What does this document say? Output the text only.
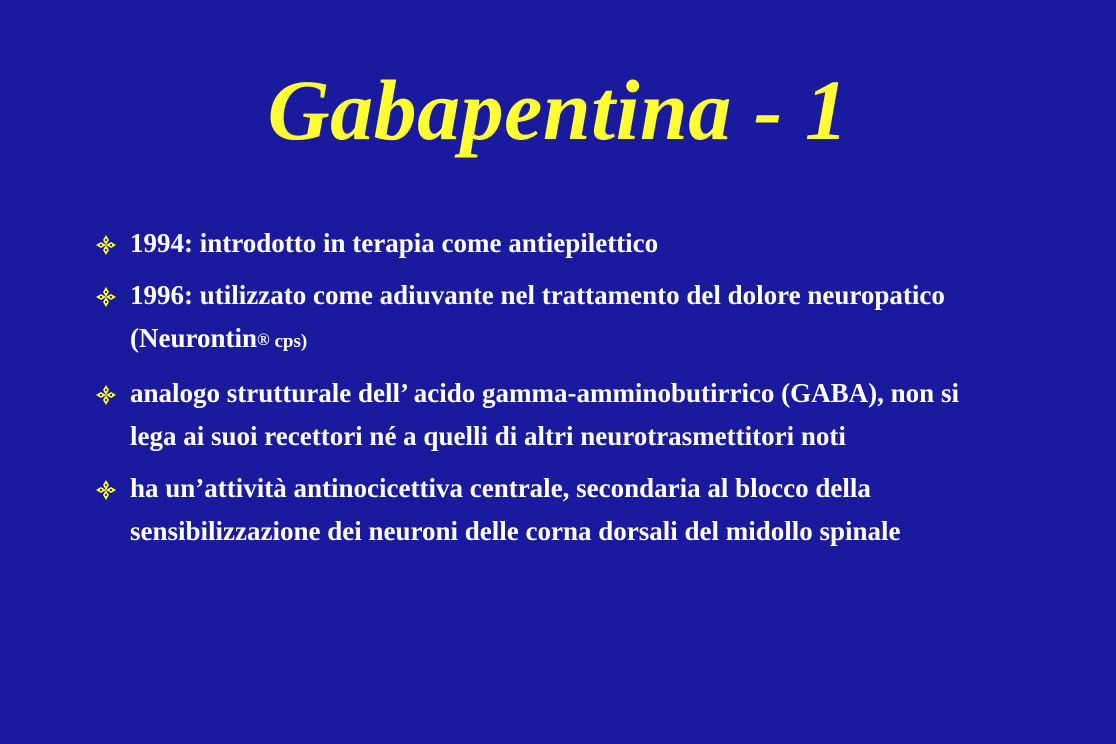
Gabapentina - 1
1994: introdotto in terapia come antiepilettico
1996: utilizzato come adiuvante nel trattamento del dolore neuropatico (Neurontin® cps)
analogo strutturale dell’ acido gamma-amminobutirrico (GABA), non si lega ai suoi recettori né a quelli di altri neurotrasmettitori noti
ha un’attività antinocicettiva centrale, secondaria al blocco della sensibilizzazione dei neuroni delle corna dorsali del midollo spinale
